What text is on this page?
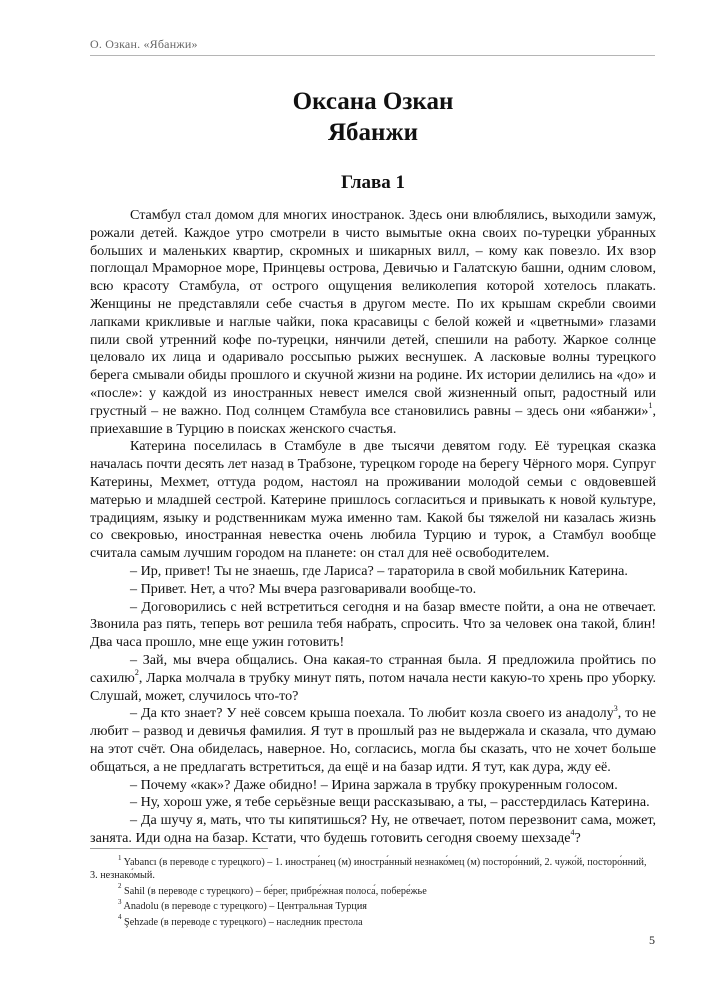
О. Озкан. «Ябанжи»
Оксана Озкан
Ябанжи
Глава 1

Стамбул стал домом для многих иностранок. Здесь они влюблялись, выходили замуж, рожали детей. Каждое утро смотрели в чисто вымытые окна своих по-турецки убранных больших и маленьких квартир, скромных и шикарных вилл, – кому как повезло. Их взор поглощал Мраморное море, Принцевы острова, Девичью и Галатскую башни, одним словом, всю красоту Стамбула, от острого ощущения великолепия которой хотелось плакать. Женщины не представляли себе счастья в другом месте. По их крышам скребли своими лапками крикливые и наглые чайки, пока красавицы с белой кожей и «цветными» глазами пили свой утренний кофе по-турецки, нянчили детей, спешили на работу. Жаркое солнце целовало их лица и одаривало россыпью рыжих веснушек. А ласковые волны турецкого берега смывали обиды прошлого и скучной жизни на родине. Их истории делились на «до» и «после»: у каждой из иностранных невест имелся свой жизненный опыт, радостный или грустный – не важно. Под солнцем Стамбула все становились равны – здесь они «ябанжи»$^1$, приехавшие в Турцию в поисках женского счастья.

Катерина поселилась в Стамбуле в две тысячи девятом году. Её турецкая сказка началась почти десять лет назад в Трабзоне, турецком городе на берегу Чёрного моря. Супруг Катерины, Мехмет, оттуда родом, настоял на проживании молодой семьи с овдовевшей матерью и младшей сестрой. Катерине пришлось согласиться и привыкать к новой культуре, традициям, языку и родственникам мужа именно там. Какой бы тяжелой ни казалась жизнь со свекровью, иностранная невестка очень любила Турцию и турок, а Стамбул вообще считала самым лучшим городом на планете: он стал для неё освободителем.

– Ир, привет! Ты не знаешь, где Лариса? – тараторила в свой мобильник Катерина.

– Привет. Нет, а что? Мы вчера разговаривали вообще-то.

– Договорились с ней встретиться сегодня и на базар вместе пойти, а она не отвечает. Звонила раз пять, теперь вот решила тебя набрать, спросить. Что за человек она такой, блин! Два часа прошло, мне еще ужин готовить!

– Зай, мы вчера общались. Она какая-то странная была. Я предложила пройтись по сахилю$^2$, Ларка молчала в трубку минут пять, потом начала нести какую-то хрень про уборку. Слушай, может, случилось что-то?

– Да кто знает? У неё совсем крыша поехала. То любит козла своего из анадолу$^3$, то не любит – развод и девичья фамилия. Я тут в прошлый раз не выдержала и сказала, что думаю на этот счёт. Она обиделась, наверное. Но, согласись, могла бы сказать, что не хочет больше общаться, а не предлагать встретиться, да ещё и на базар идти. Я тут, как дура, жду её.

– Почему «как»? Даже обидно! – Ирина заржала в трубку прокуренным голосом.

– Ну, хорош уже, я тебе серьёзные вещи рассказываю, а ты, – расстердилась Катерина.

– Да шучу я, мать, что ты кипятишься? Ну, не отвечает, потом перезвонит сама, может, занята. Иди одна на базар. Кстати, что будешь готовить сегодня своему шехзаде$^4$?

$^1$ Yabancı (в переводе с турецкого) – 1. иностра́нец (м) иностра́нный незнако́мец (м) посторо́нний, 2. чужо́й, посторо́нний, 3. незнако́мый.

$^2$ Sahil (в переводе с турецкого) – бе́рег, прибре́жная полоса́, побере́жье

$^3$ Anadolu (в переводе с турецкого) – Центральная Турция

$^4$ Şehzade (в переводе с турецкого) – наследник престола

5
